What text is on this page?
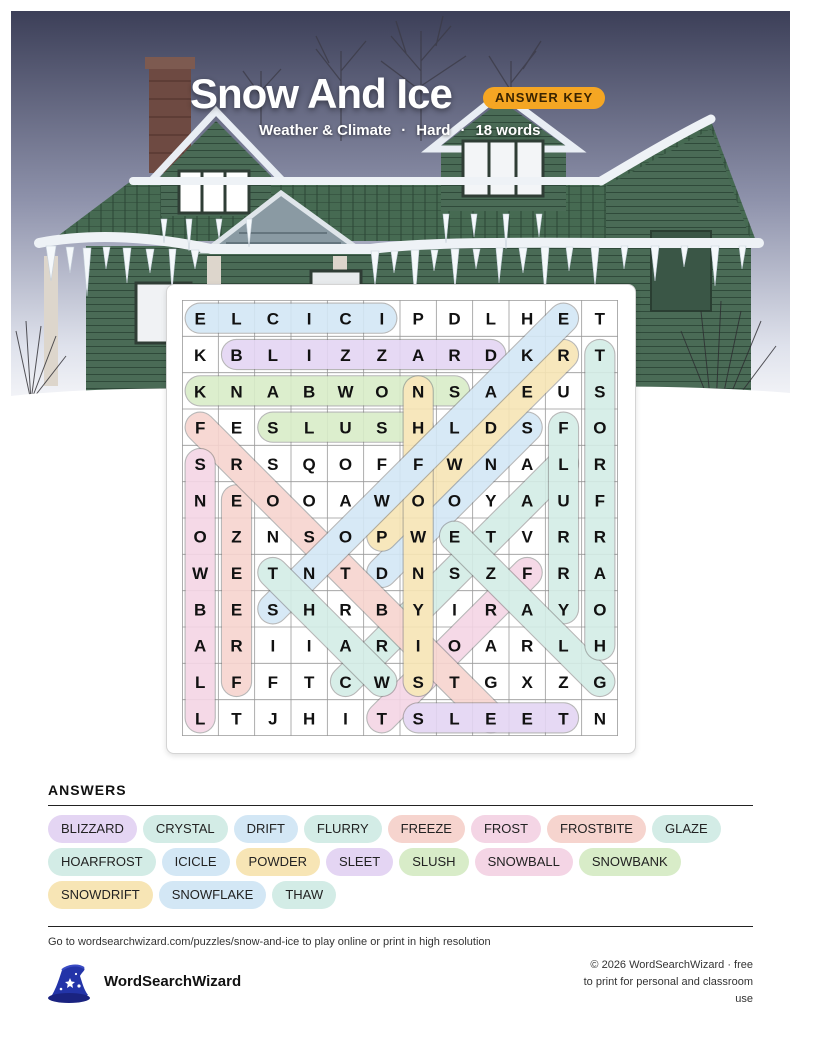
Snow And Ice	ANSWER KEY
Weather & Climate · Hard · 18 words
E L C I C I P D L H E T
K B L I Z Z A R D K R T
K N A B W O N S A E U S
F E S L U S H L D S F O
S R S Q O F F W N A L R
N E O O A W O O Y A U F
O Z N S O P W E T V R R
W E T N T D N S Z F R A
B E S H R B Y I R A Y O
A R I I A R I O A R L H
L F F T C W S T G X Z G
L T J H I T S L E E T N
ANSWERS
BLIZZARD	CRYSTAL	DRIFT	FLURRY	FREEZE	FROST	FROSTBITE	GLAZE
HOARFROST	ICICLE	POWDER	SLEET	SLUSH	SNOWBALL	SNOWBANK
SNOWDRIFT	SNOWFLAKE	THAW
Go to wordsearchwizard.com/puzzles/snow-and-ice to play online or print in high resolution
WordSearchWizard
© 2026 WordSearchWizard · free to print for personal and classroom use
